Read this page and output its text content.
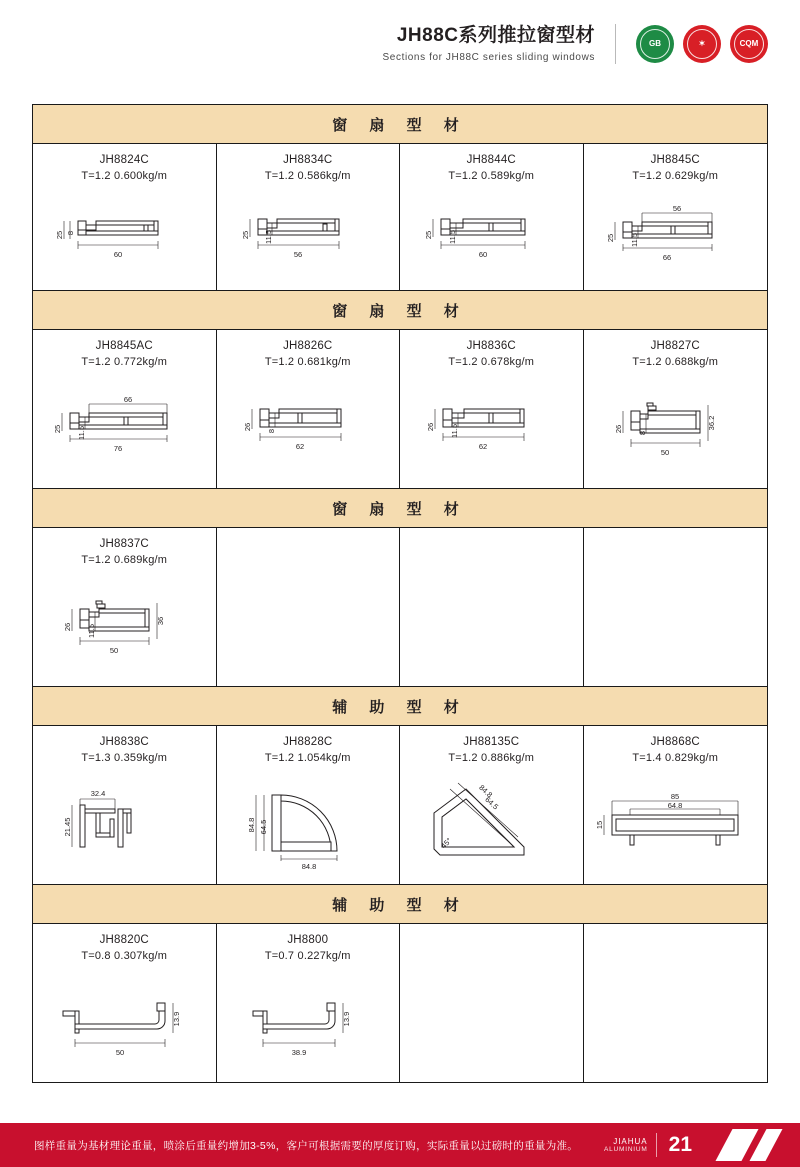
JH88C系列推拉窗型材
Sections for JH88C series sliding windows
GB	✶	CQM
窗 扇 型 材
JH8824C
T=1.2 0.600kg/m
25 8
60
JH8834C
T=1.2 0.586kg/m
25 11.5
56
JH8844C
T=1.2 0.589kg/m
25 11.5
60
JH8845C
T=1.2 0.629kg/m
56
25 11.5
66
窗 扇 型 材
JH8845AC
T=1.2 0.772kg/m
66
25 11.5
76
JH8826C
T=1.2 0.681kg/m
26 8
62
JH8836C
T=1.2 0.678kg/m
26 11.5
62
JH8827C
T=1.2 0.688kg/m
26 8
36.2
50
窗 扇 型 材
JH8837C
T=1.2 0.689kg/m
26 11.5
36
50
辅 助 型 材
JH8838C
T=1.3 0.359kg/m
32.4
21.45
JH8828C
T=1.2 1.054kg/m
84.8 64.5
84.8
JH88135C
T=1.2 0.886kg/m
84.8
64.5
45°
JH8868C
T=1.4 0.829kg/m
85
64.8
15
辅 助 型 材
JH8820C
T=0.8 0.307kg/m
50
13.9
JH8800
T=0.7 0.227kg/m
38.9
13.9
图样重量为基材理论重量，喷涂后重量约增加3-5%，客户可根据需要的厚度订购，实际重量以过磅时的重量为准。	JIAHUA
ALUMINIUM 21
